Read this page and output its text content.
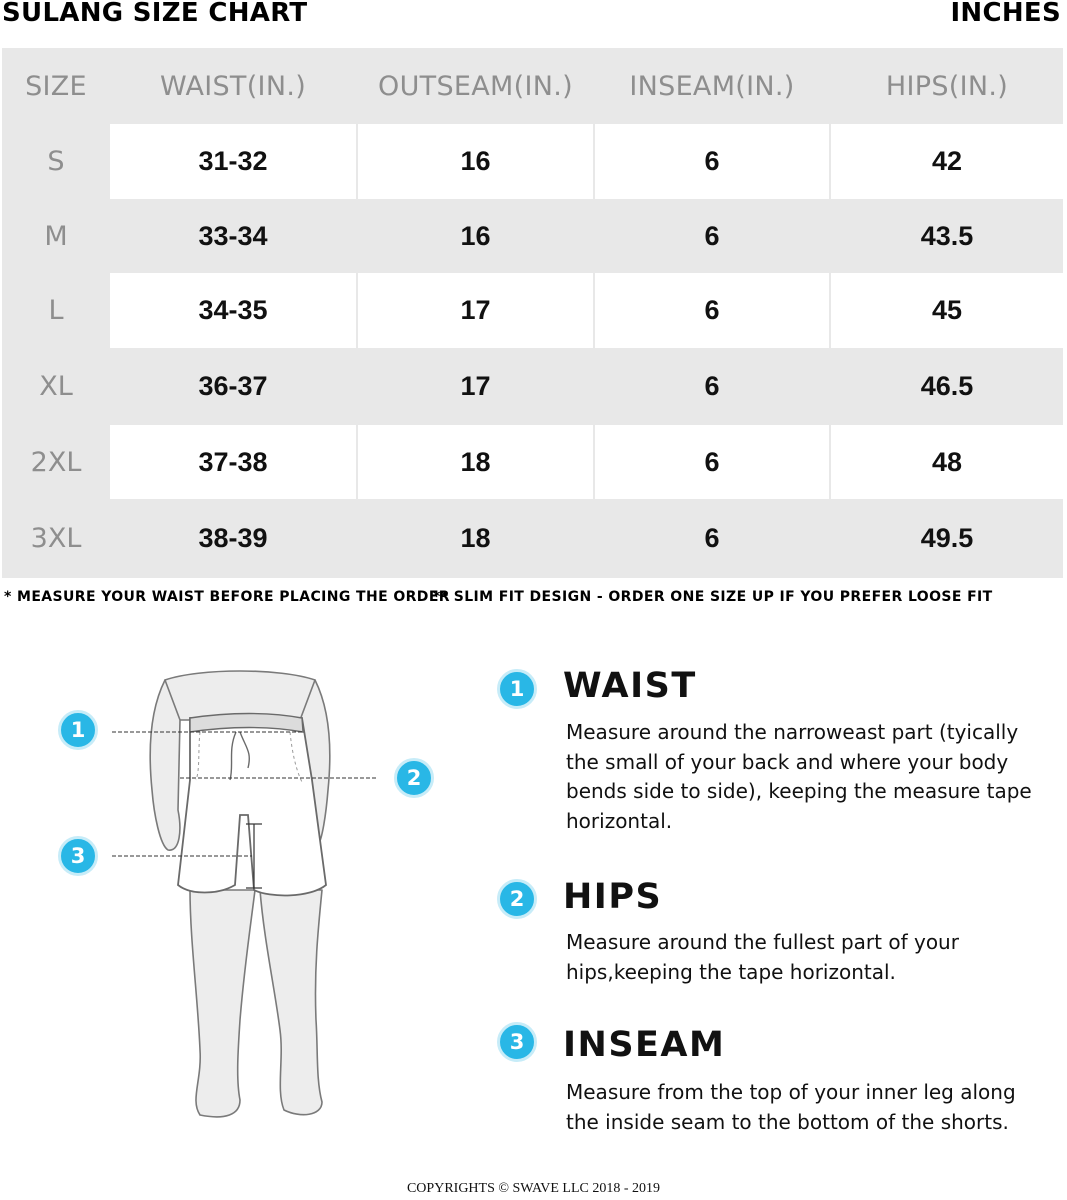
SULANG SIZE CHART	INCHES
SIZE	WAIST(IN.)	OUTSEAM(IN.)	INSEAM(IN.)	HIPS(IN.)
S	31-32	16	6	42
M	33-34	16	6	43.5
L	34-35	17	6	45
XL	36-37	17	6	46.5
2XL	37-38	18	6	48
3XL	38-39	18	6	49.5
* MEASURE YOUR WAIST BEFORE PLACING THE ORDER
** SLIM FIT DESIGN - ORDER ONE SIZE UP IF YOU PREFER LOOSE FIT
1
2
3
1	WAIST
Measure around the narroweast part (tyically the small of your back and where your body bends side to side), keeping the measure tape horizontal.
2	HIPS
Measure around the fullest part of your hips,keeping the tape horizontal.
3	INSEAM
Measure from the top of your inner leg along the inside seam to the bottom of the shorts.
COPYRIGHTS © SWAVE LLC 2018 - 2019
